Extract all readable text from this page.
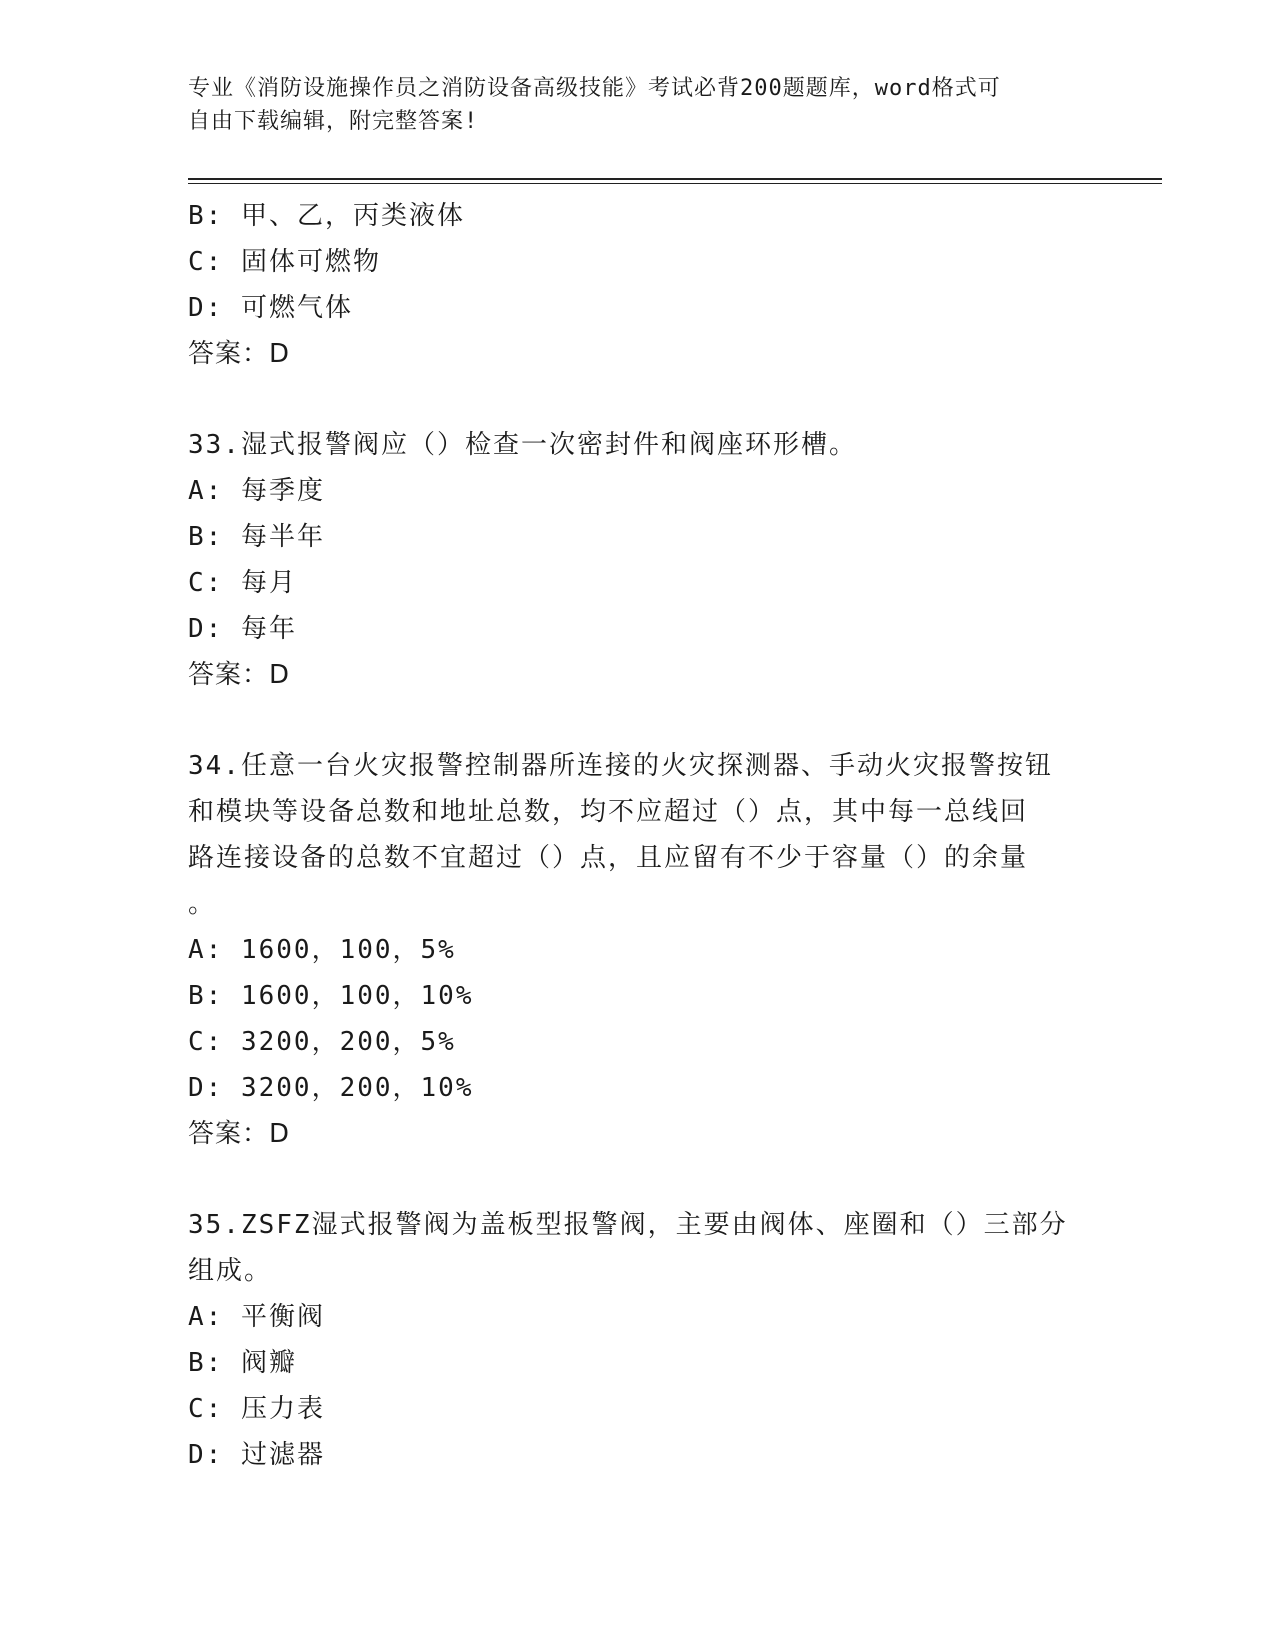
专业《消防设施操作员之消防设备高级技能》考试必背200题题库，word格式可
自由下载编辑，附完整答案!
B: 甲、乙，丙类液体
C: 固体可燃物
D: 可燃气体
答案：D
33.湿式报警阀应（）检查一次密封件和阀座环形槽。
A: 每季度
B: 每半年
C: 每月
D: 每年
答案：D
34.任意一台火灾报警控制器所连接的火灾探测器、手动火灾报警按钮
和模块等设备总数和地址总数，均不应超过（）点，其中每一总线回
路连接设备的总数不宜超过（）点，且应留有不少于容量（）的余量
。
A: 1600，100，5%
B: 1600，100，10%
C: 3200，200，5%
D: 3200，200，10%
答案：D
35.ZSFZ湿式报警阀为盖板型报警阀，主要由阀体、座圈和（）三部分
组成。
A: 平衡阀
B: 阀瓣
C: 压力表
D: 过滤器
